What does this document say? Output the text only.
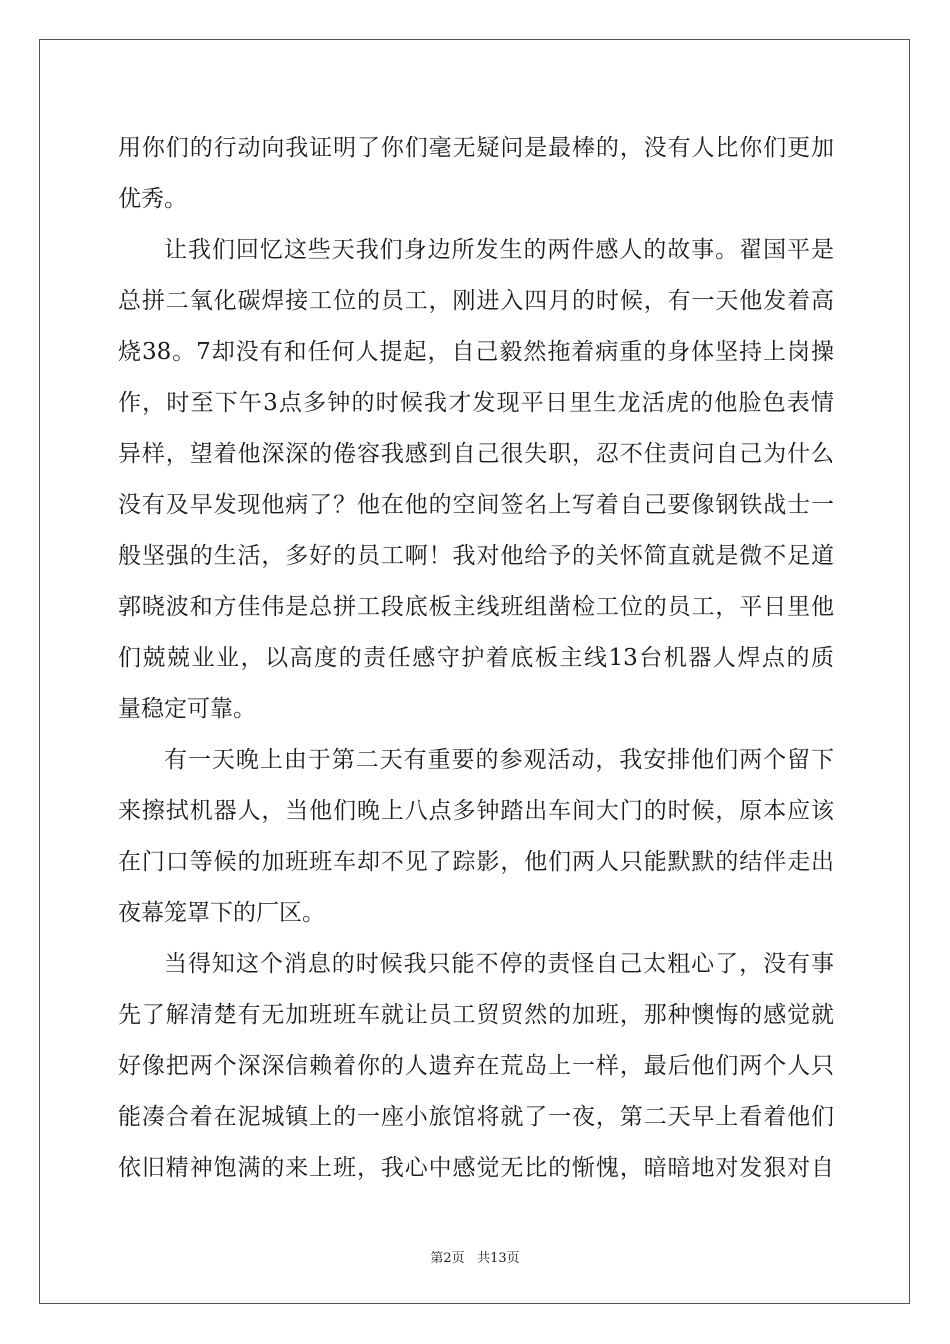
用你们的行动向我证明了你们毫无疑问是最棒的，没有人比你们更加
优秀。
让我们回忆这些天我们身边所发生的两件感人的故事。翟国平是
总拼二氧化碳焊接工位的员工，刚进入四月的时候，有一天他发着高
烧38。7却没有和任何人提起，自己毅然拖着病重的身体坚持上岗操
作，时至下午3点多钟的时候我才发现平日里生龙活虎的他脸色表情
异样，望着他深深的倦容我感到自己很失职，忍不住责问自己为什么
没有及早发现他病了？他在他的空间签名上写着自己要像钢铁战士一
般坚强的生活，多好的员工啊！我对他给予的关怀简直就是微不足道
郭晓波和方佳伟是总拼工段底板主线班组凿检工位的员工，平日里他
们兢兢业业，以高度的责任感守护着底板主线13台机器人焊点的质
量稳定可靠。
有一天晚上由于第二天有重要的参观活动，我安排他们两个留下
来擦拭机器人，当他们晚上八点多钟踏出车间大门的时候，原本应该
在门口等候的加班班车却不见了踪影，他们两人只能默默的结伴走出
夜幕笼罩下的厂区。
当得知这个消息的时候我只能不停的责怪自己太粗心了，没有事
先了解清楚有无加班班车就让员工贸贸然的加班，那种懊悔的感觉就
好像把两个深深信赖着你的人遗弃在荒岛上一样，最后他们两个人只
能凑合着在泥城镇上的一座小旅馆将就了一夜，第二天早上看着他们
依旧精神饱满的来上班，我心中感觉无比的惭愧，暗暗地对发狠对自
第2页 共13页
